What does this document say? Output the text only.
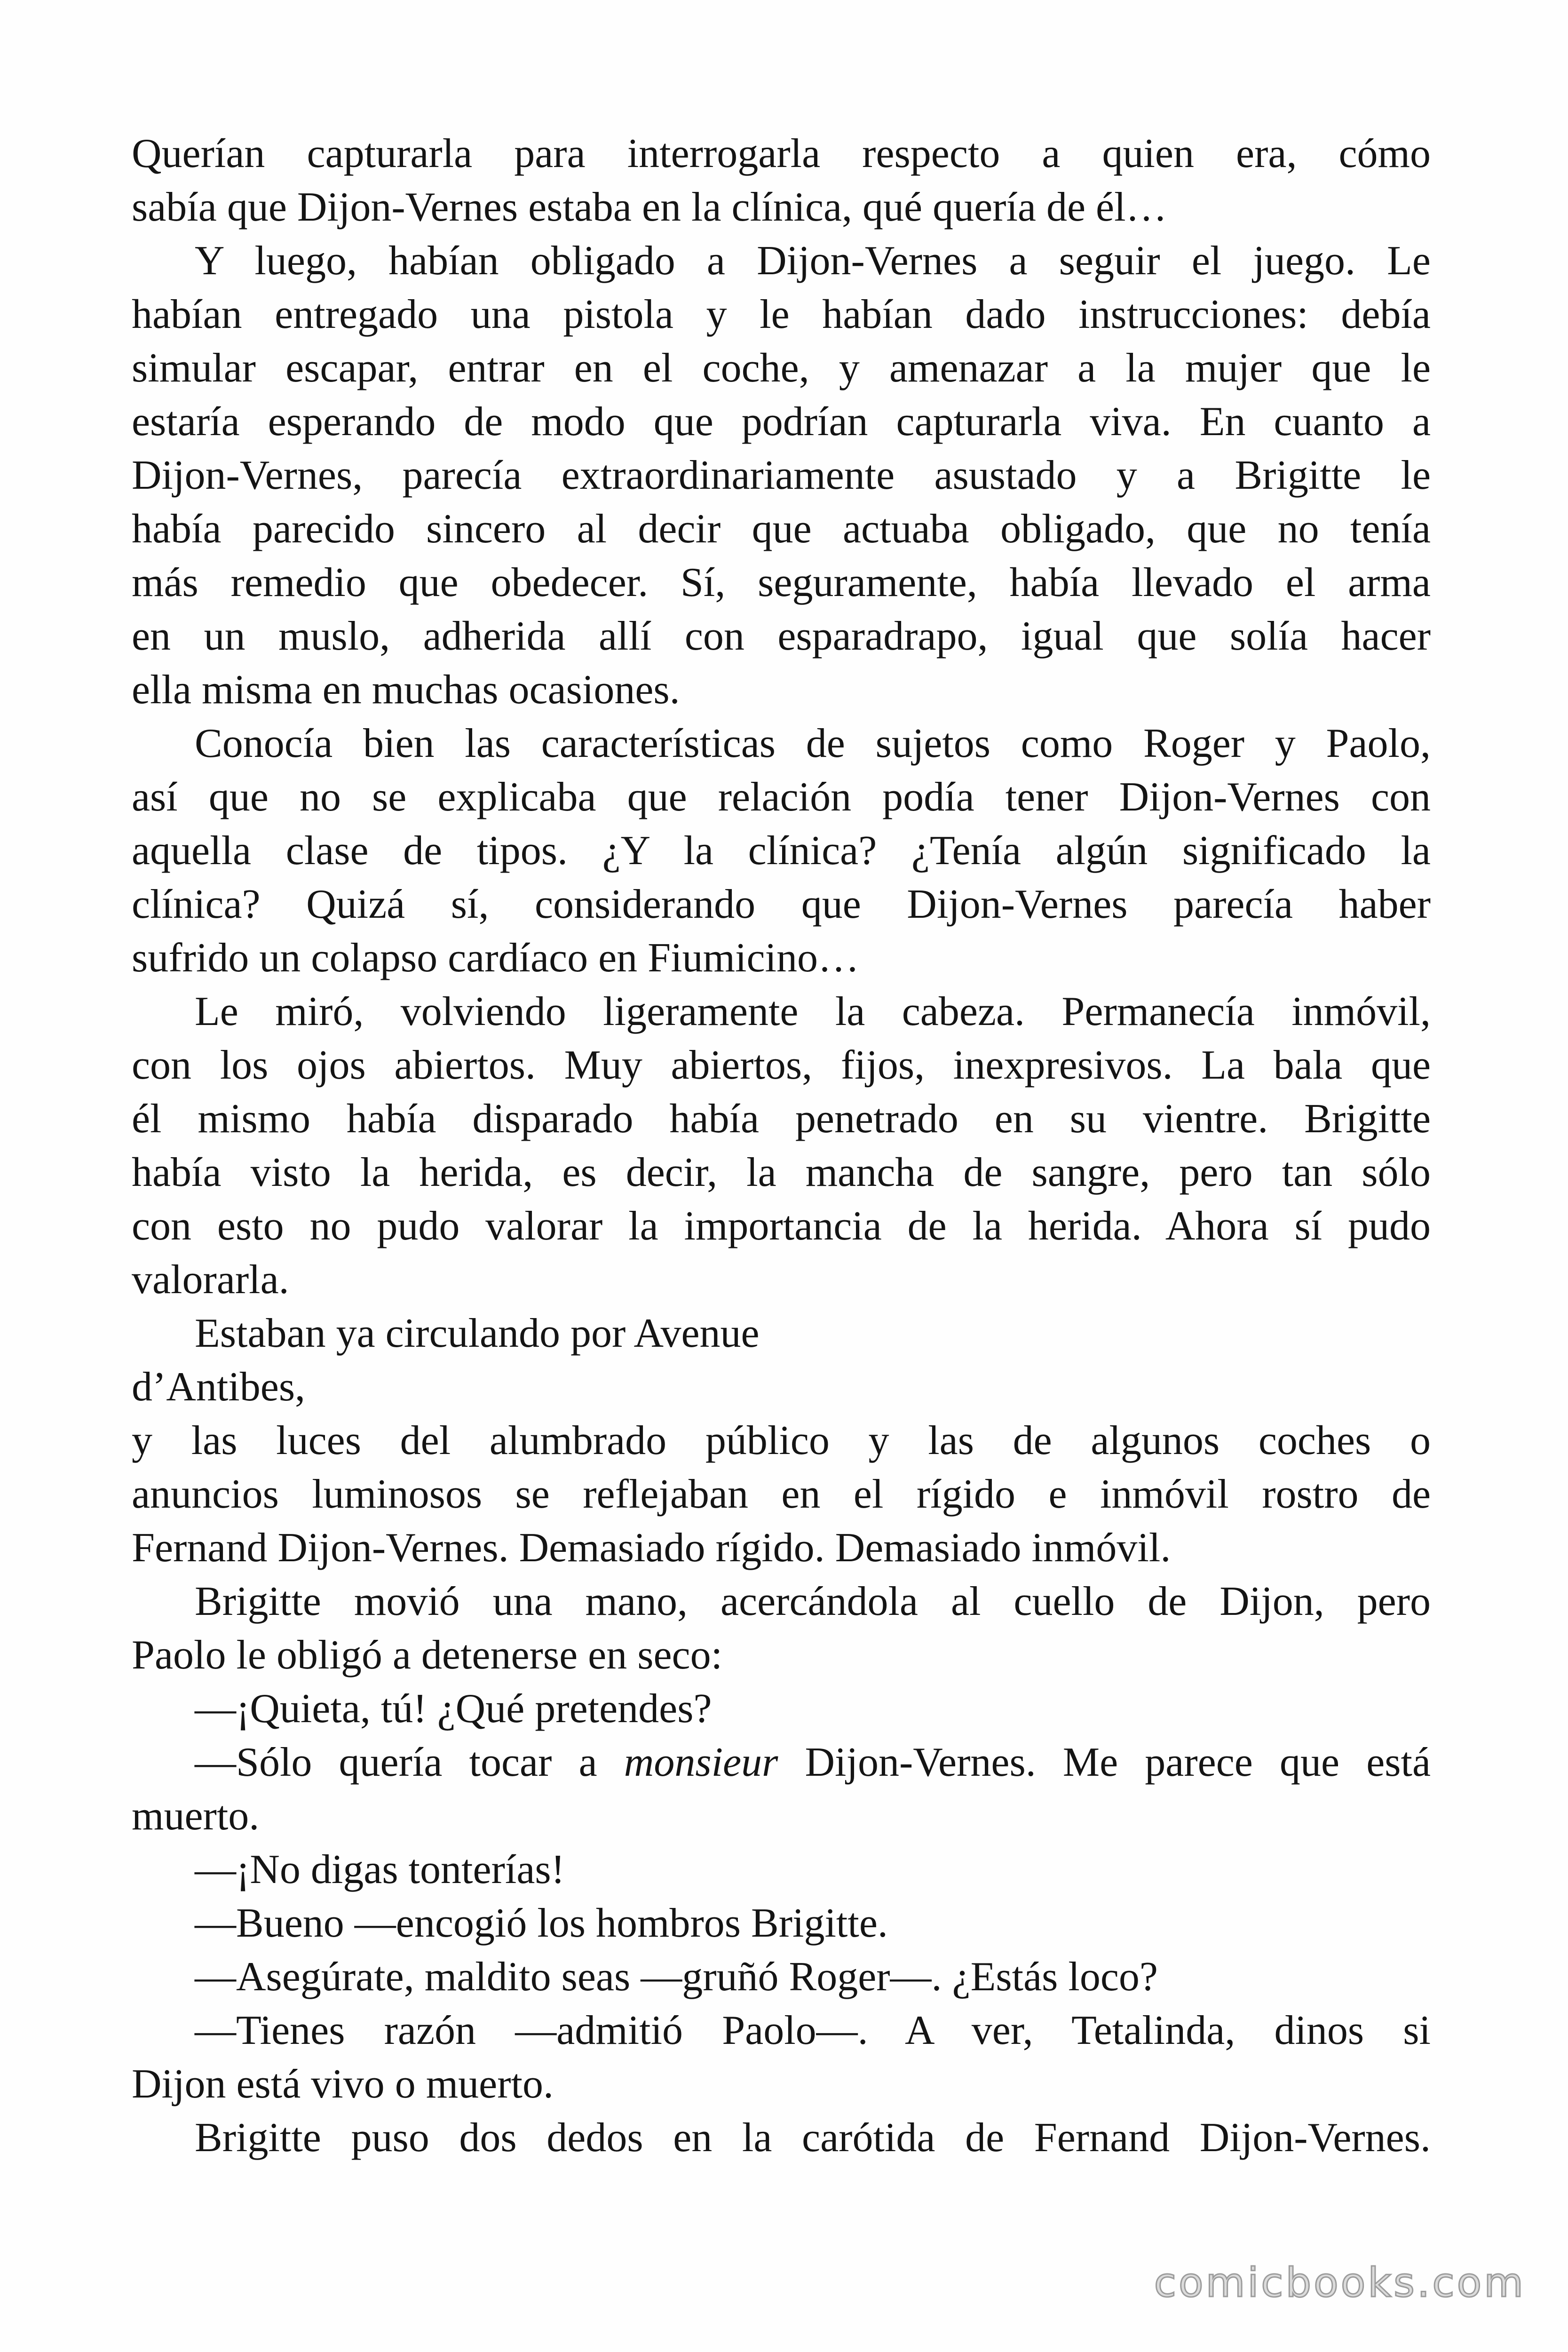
Querían capturarla para interrogarla respecto a quien era, cómo
sabía que Dijon-Vernes estaba en la clínica, qué quería de él…
Y luego, habían obligado a Dijon-Vernes a seguir el juego. Le
habían entregado una pistola y le habían dado instrucciones: debía
simular escapar, entrar en el coche, y amenazar a la mujer que le
estaría esperando de modo que podrían capturarla viva. En cuanto a
Dijon-Vernes, parecía extraordinariamente asustado y a Brigitte le
había parecido sincero al decir que actuaba obligado, que no tenía
más remedio que obedecer. Sí, seguramente, había llevado el arma
en un muslo, adherida allí con esparadrapo, igual que solía hacer
ella misma en muchas ocasiones.
Conocía bien las características de sujetos como Roger y Paolo,
así que no se explicaba que relación podía tener Dijon-Vernes con
aquella clase de tipos. ¿Y la clínica? ¿Tenía algún significado la
clínica? Quizá sí, considerando que Dijon-Vernes parecía haber
sufrido un colapso cardíaco en Fiumicino…
Le miró, volviendo ligeramente la cabeza. Permanecía inmóvil,
con los ojos abiertos. Muy abiertos, fijos, inexpresivos. La bala que
él mismo había disparado había penetrado en su vientre. Brigitte
había visto la herida, es decir, la mancha de sangre, pero tan sólo
con esto no pudo valorar la importancia de la herida. Ahora sí pudo
valorarla.
Estaban ya circulando por Avenue
d’Antibes,
y las luces del alumbrado público y las de algunos coches o
anuncios luminosos se reflejaban en el rígido e inmóvil rostro de
Fernand Dijon-Vernes. Demasiado rígido. Demasiado inmóvil.
Brigitte movió una mano, acercándola al cuello de Dijon, pero
Paolo le obligó a detenerse en seco:
—¡Quieta, tú! ¿Qué pretendes?
—Sólo quería tocar a monsieur Dijon-Vernes. Me parece que está
muerto.
—¡No digas tonterías!
—Bueno —encogió los hombros Brigitte.
—Asegúrate, maldito seas —gruñó Roger—. ¿Estás loco?
—Tienes razón —admitió Paolo—. A ver, Tetalinda, dinos si
Dijon está vivo o muerto.
Brigitte puso dos dedos en la carótida de Fernand Dijon-Vernes.
comicbooks.com
